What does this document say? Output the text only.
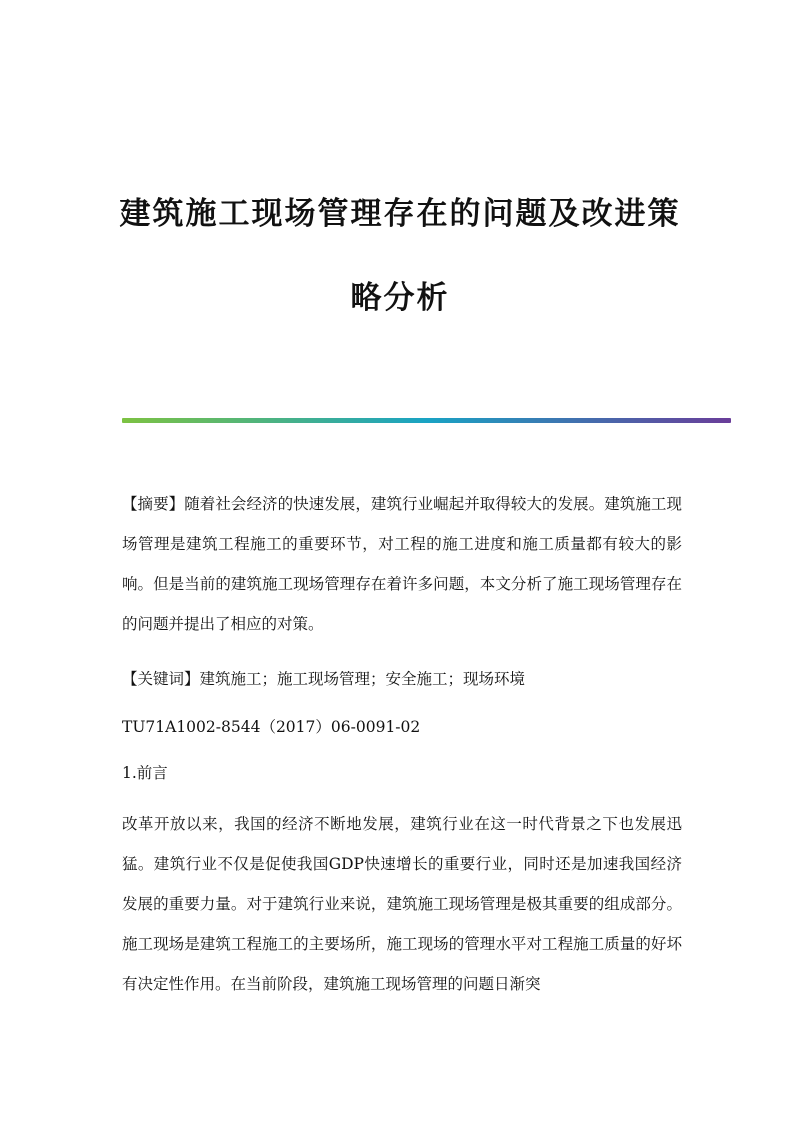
建筑施工现场管理存在的问题及改进策
略分析

【摘要】随着社会经济的快速发展，建筑行业崛起并取得较大的发展。建筑施工现场管理是建筑工程施工的重要环节，对工程的施工进度和施工质量都有较大的影响。但是当前的建筑施工现场管理存在着许多问题，本文分析了施工现场管理存在的问题并提出了相应的对策。

【关键词】建筑施工；施工现场管理；安全施工；现场环境

TU71A1002-8544（2017）06-0091-02

1.前言

改革开放以来，我国的经济不断地发展，建筑行业在这一时代背景之下也发展迅猛。建筑行业不仅是促使我国GDP快速增长的重要行业，同时还是加速我国经济发展的重要力量。对于建筑行业来说，建筑施工现场管理是极其重要的组成部分。施工现场是建筑工程施工的主要场所，施工现场的管理水平对工程施工质量的好坏有决定性作用。在当前阶段，建筑施工现场管理的问题日渐突
